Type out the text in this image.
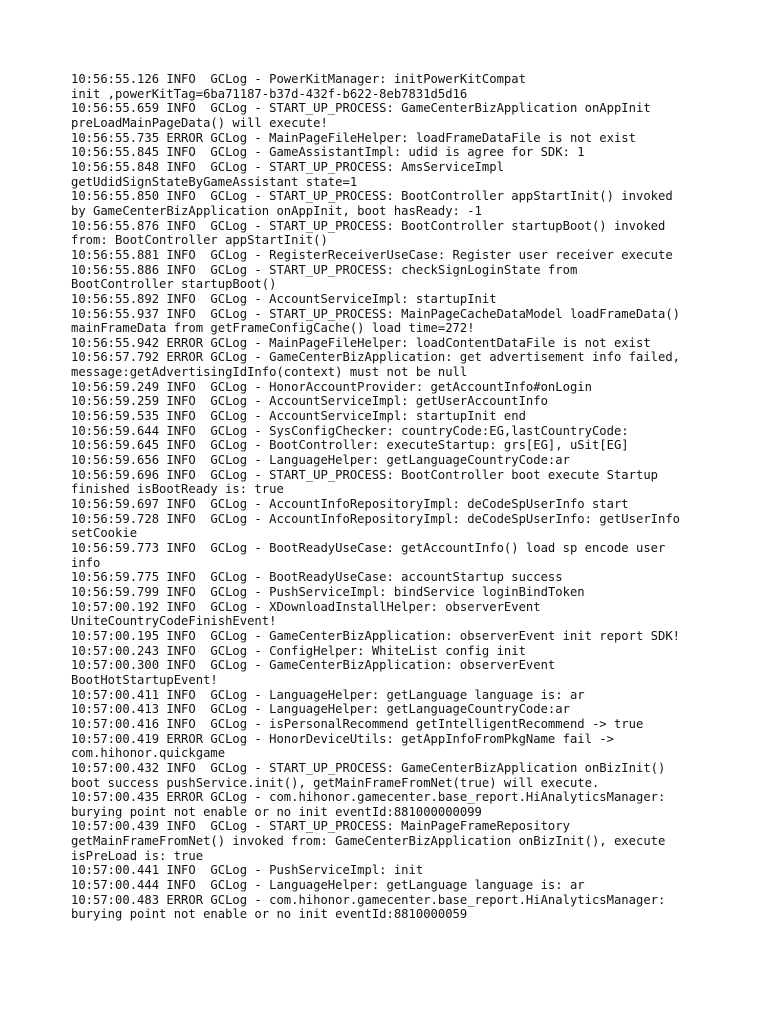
10:56:55.126 INFO  GCLog - PowerKitManager: initPowerKitCompat
init ,powerKitTag=6ba71187-b37d-432f-b622-8eb7831d5d16
10:56:55.659 INFO  GCLog - START_UP_PROCESS: GameCenterBizApplication onAppInit
preLoadMainPageData() will execute!
10:56:55.735 ERROR GCLog - MainPageFileHelper: loadFrameDataFile is not exist
10:56:55.845 INFO  GCLog - GameAssistantImpl: udid is agree for SDK: 1
10:56:55.848 INFO  GCLog - START_UP_PROCESS: AmsServiceImpl
getUdidSignStateByGameAssistant state=1
10:56:55.850 INFO  GCLog - START_UP_PROCESS: BootController appStartInit() invoked
by GameCenterBizApplication onAppInit, boot hasReady: -1
10:56:55.876 INFO  GCLog - START_UP_PROCESS: BootController startupBoot() invoked
from: BootController appStartInit()
10:56:55.881 INFO  GCLog - RegisterReceiverUseCase: Register user receiver execute
10:56:55.886 INFO  GCLog - START_UP_PROCESS: checkSignLoginState from
BootController startupBoot()
10:56:55.892 INFO  GCLog - AccountServiceImpl: startupInit
10:56:55.937 INFO  GCLog - START_UP_PROCESS: MainPageCacheDataModel loadFrameData()
mainFrameData from getFrameConfigCache() load time=272!
10:56:55.942 ERROR GCLog - MainPageFileHelper: loadContentDataFile is not exist
10:56:57.792 ERROR GCLog - GameCenterBizApplication: get advertisement info failed,
message:getAdvertisingIdInfo(context) must not be null
10:56:59.249 INFO  GCLog - HonorAccountProvider: getAccountInfo#onLogin
10:56:59.259 INFO  GCLog - AccountServiceImpl: getUserAccountInfo
10:56:59.535 INFO  GCLog - AccountServiceImpl: startupInit end
10:56:59.644 INFO  GCLog - SysConfigChecker: countryCode:EG,lastCountryCode:
10:56:59.645 INFO  GCLog - BootController: executeStartup: grs[EG], uSit[EG]
10:56:59.656 INFO  GCLog - LanguageHelper: getLanguageCountryCode:ar
10:56:59.696 INFO  GCLog - START_UP_PROCESS: BootController boot execute Startup
finished isBootReady is: true
10:56:59.697 INFO  GCLog - AccountInfoRepositoryImpl: deCodeSpUserInfo start
10:56:59.728 INFO  GCLog - AccountInfoRepositoryImpl: deCodeSpUserInfo: getUserInfo
setCookie
10:56:59.773 INFO  GCLog - BootReadyUseCase: getAccountInfo() load sp encode user
info
10:56:59.775 INFO  GCLog - BootReadyUseCase: accountStartup success
10:56:59.799 INFO  GCLog - PushServiceImpl: bindService loginBindToken
10:57:00.192 INFO  GCLog - XDownloadInstallHelper: observerEvent
UniteCountryCodeFinishEvent!
10:57:00.195 INFO  GCLog - GameCenterBizApplication: observerEvent init report SDK!
10:57:00.243 INFO  GCLog - ConfigHelper: WhiteList config init
10:57:00.300 INFO  GCLog - GameCenterBizApplication: observerEvent
BootHotStartupEvent!
10:57:00.411 INFO  GCLog - LanguageHelper: getLanguage language is: ar
10:57:00.413 INFO  GCLog - LanguageHelper: getLanguageCountryCode:ar
10:57:00.416 INFO  GCLog - isPersonalRecommend getIntelligentRecommend -> true
10:57:00.419 ERROR GCLog - HonorDeviceUtils: getAppInfoFromPkgName fail ->
com.hihonor.quickgame
10:57:00.432 INFO  GCLog - START_UP_PROCESS: GameCenterBizApplication onBizInit()
boot success pushService.init(), getMainFrameFromNet(true) will execute.
10:57:00.435 ERROR GCLog - com.hihonor.gamecenter.base_report.HiAnalyticsManager:
burying point not enable or no init eventId:881000000099
10:57:00.439 INFO  GCLog - START_UP_PROCESS: MainPageFrameRepository
getMainFrameFromNet() invoked from: GameCenterBizApplication onBizInit(), execute
isPreLoad is: true
10:57:00.441 INFO  GCLog - PushServiceImpl: init
10:57:00.444 INFO  GCLog - LanguageHelper: getLanguage language is: ar
10:57:00.483 ERROR GCLog - com.hihonor.gamecenter.base_report.HiAnalyticsManager:
burying point not enable or no init eventId:8810000059
